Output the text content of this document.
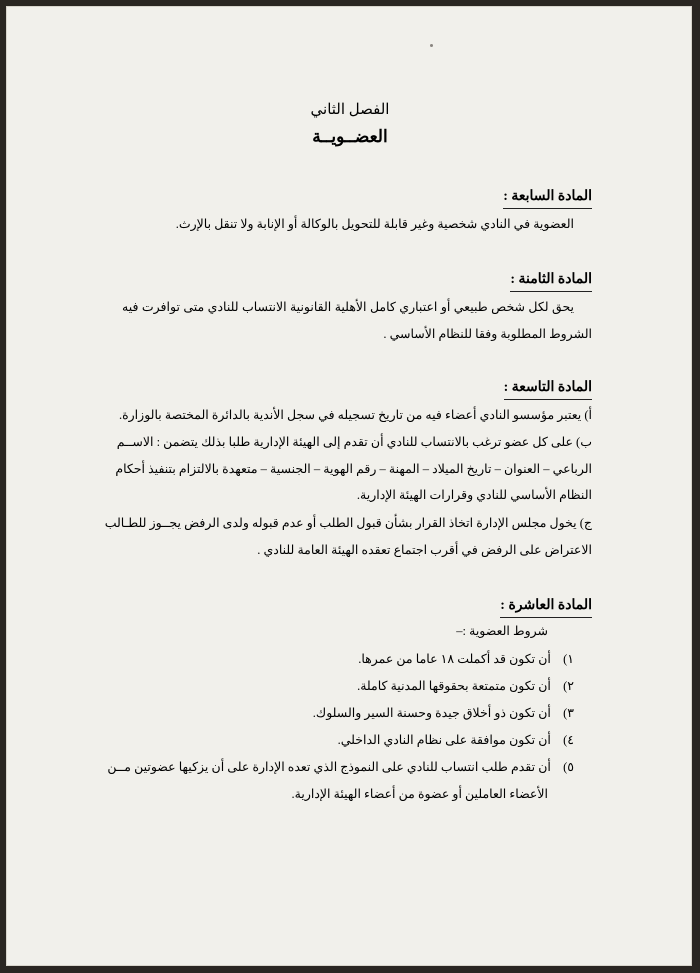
الفصل الثاني
العضــويــة
المادة السابعة :
العضوية في النادي شخصية وغير قابلة للتحويل بالوكالة أو الإنابة ولا تنقل بالإرث.
المادة الثامنة :
يحق لكل شخص طبيعي أو اعتباري كامل الأهلية القانونية الانتساب للنادي متى توافرت فيه
الشروط المطلوبة وفقا للنظام الأساسي .
المادة التاسعة :
أ) يعتبر مؤسسو النادي أعضاء فيه من تاريخ تسجيله في سجل الأندية بالدائرة المختصة بالوزارة.
ب) على كل عضو ترغب بالانتساب للنادي أن تقدم إلى الهيئة الإدارية طلبا بذلك يتضمن : الاســم
الرباعي – العنوان – تاريخ الميلاد – المهنة – رقم الهوية – الجنسية – متعهدة بالالتزام بتنفيذ أحكام
النظام الأساسي للنادي وقرارات الهيئة الإدارية.
ج) يخول مجلس الإدارة اتخاذ القرار بشأن قبول الطلب أو عدم قبوله ولدى الرفض يجــوز للطـالب
الاعتراض على الرفض في أقرب اجتماع تعقده الهيئة العامة للنادي .
المادة العاشرة :
شروط العضوية :–
١) أن تكون قد أكملت ١٨ عاما من عمرها.
٢) أن تكون متمتعة بحقوقها المدنية كاملة.
٣) أن تكون ذو أخلاق جيدة وحسنة السير والسلوك.
٤) أن تكون موافقة على نظام النادي الداخلي.
٥) أن تقدم طلب انتساب للنادي على النموذج الذي تعده الإدارة على أن يزكيها عضوتين مــن
الأعضاء العاملين أو عضوة من أعضاء الهيئة الإدارية.
